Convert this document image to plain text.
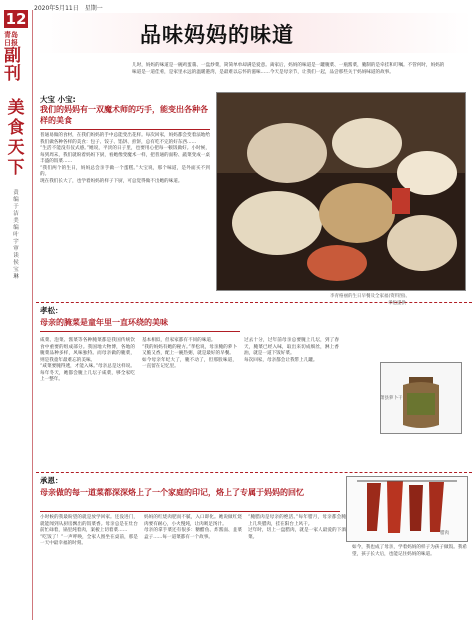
2020年5月11日　星期一
12
青岛
日报
副
刊
美食天下
责编　于　洁　美编　叶　宇　审读　侯宝琳
品味妈妈的味道
儿时，妈妈的味道是一碗鸡蛋羹、一盘炒菜，简简单单却满是爱意。离家后，妈妈的味道是一罐腌菜、一瓶酱菜，腌制的是牵挂和叮嘱。不管何时，妈妈的味道是一道佳肴，是家里永远的温暖港湾，是最难以忘怀的滋味……今天是母亲节，让我们一起，品尝那些关于妈妈味道的故事。
大宝 小宝:
我们的妈妈有一双魔术师的巧手，能变出各种各样的美食
普通易做的食材，在我们妈妈的手中总能变出花样。每次回家，妈妈都会变着法地给我们做各种各样的美食：包子、饺子、馅饼、煎饼，总有吃不完的好东西……
“生活不能没有仪式感。”她说，平淡的日子里，也要用心把每一顿饭做好。小时候，每到周末，我们就盼着妈妈下厨，看她像变魔术一样，把普通的面粉、蔬菜变成一桌丰盛的饭菜……
“我们两个的生日，妈妈总会亲手做一个蛋糕。”大宝说，那个味道，是外面买不到的。
现在我们长大了，也学着妈妈的样子下厨，可总觉得做不出她的味道。
李青格丽的生日早餐及全家福(资料图)。
孝松：
母亲的腌菜是童年里一直环绕的美味
咸菜、泡菜、酱菜等各种腌菜都是我国传统饮食中重要的组成部分。我国地大物博，各地的腌菜品种多样，风味独特。而母亲做的腌菜，则是我童年最难忘的美味。
“咸菜要腌得透，才能入味。”母亲总是这样说。每年冬天，她都会腌上几坛子咸菜，够全家吃上一整年。
基本相似，但家家都有不同的味道。
“我的妈妈有她的秘方。”孝松说，母亲腌的萝卜又脆又香，配上一碗热粥，就是最好的早餐。
如今母亲年纪大了，腌不动了，但那股味道，一直留在记忆里。
过去十分，过年前母亲总要腌上几坛，到了春天，腌菜已经入味，取出来切成细丝，淋上香油，就是一道下饭好菜。
每次回家，母亲都会让我带上几罐。
孝松提供
萧县萝卜干
承恩：
母亲做的每一道菜都深深烙上了一个家庭的印记，烙上了专属于妈妈的回忆
小时候的我最盼望的就是放学回家。还没进门，就能闻到从厨房飘出的饭菜香。母亲总是在灶台前忙碌着，锅里炖着肉，案板上切着菜……
“吃饭了！”一声呼唤，全家人围坐在桌前，那是一天中最幸福的时刻。
妈妈的红烧肉肥而不腻，入口即化。她说做红烧肉要有耐心，小火慢炖，让肉吸足汤汁。
母亲的拿手菜还有很多：糖醋鱼、炸酱面、韭菜盒子……每一道菜都有一个故事。
“腌腊肉是母亲的绝活。”每年腊月，母亲都会腌上几块腊肉，挂在阳台上风干。
过年时，切上一盘腊肉，就是一家人最爱的下酒菜。
如今，我也成了母亲，学着妈妈的样子为孩子做饭。我希望，孩子长大后，也能记住妈妈的味道。
腊肉
